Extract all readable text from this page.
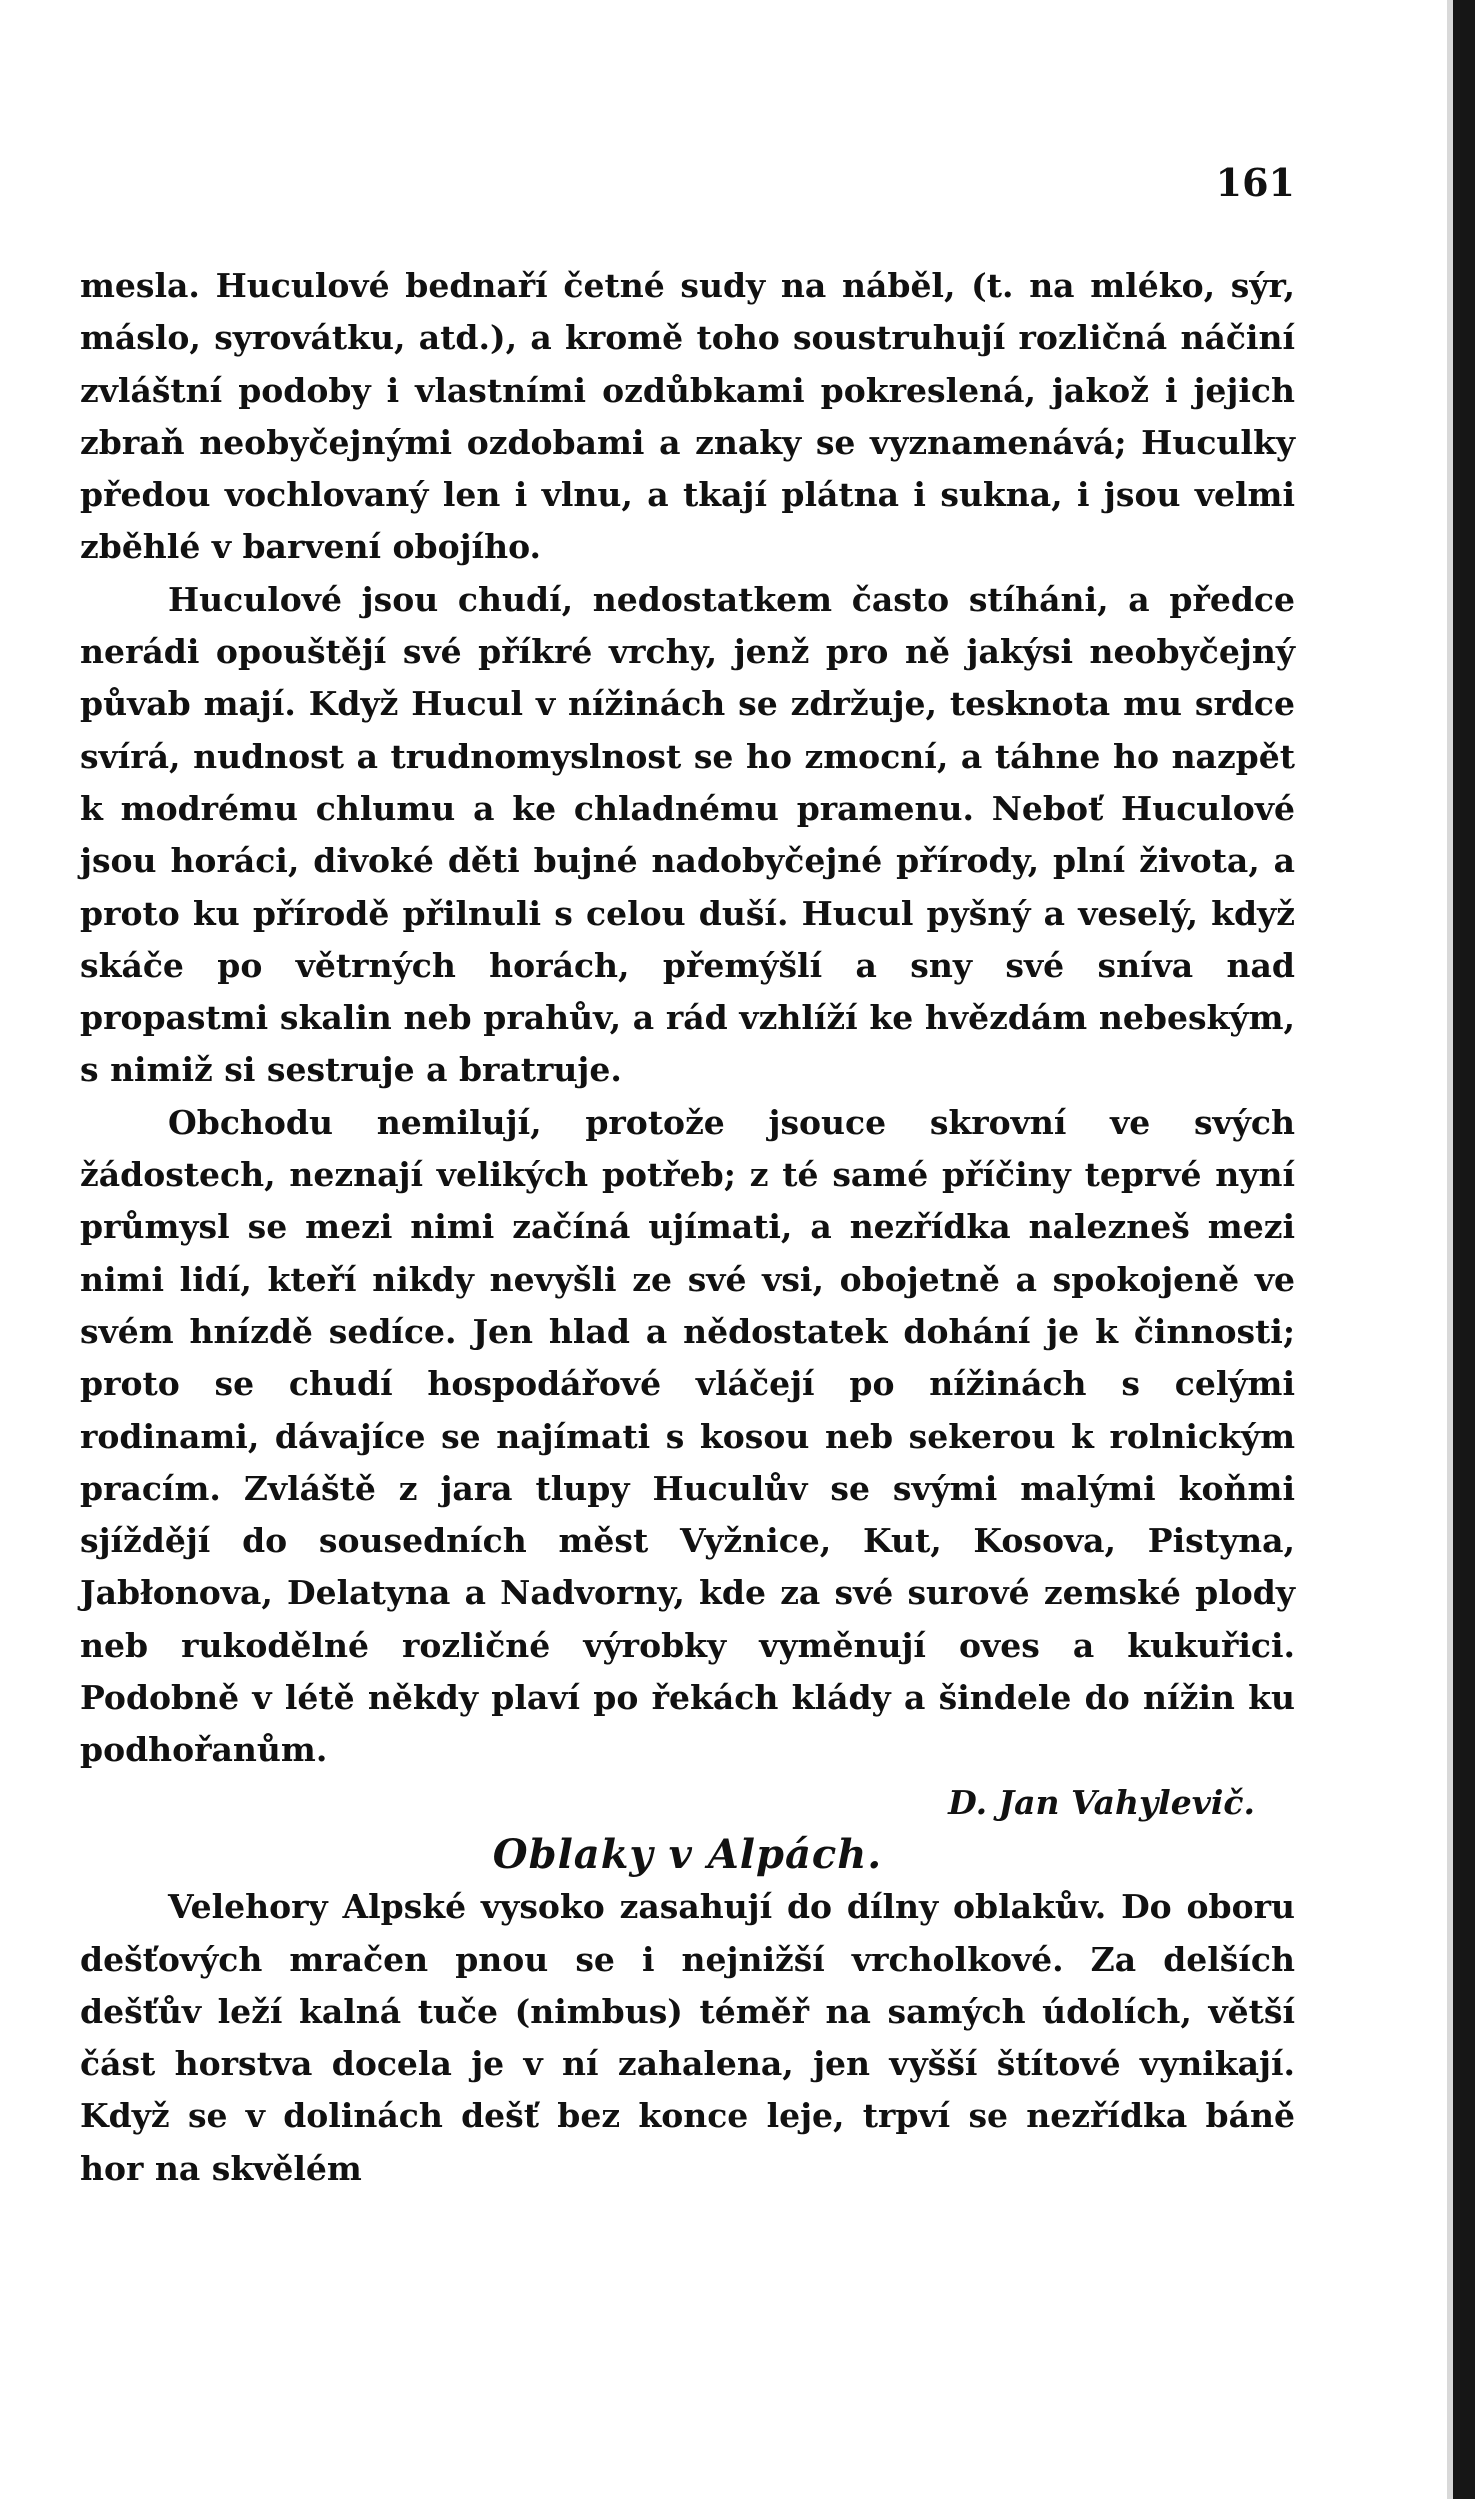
161

mesla. Huculové bednaří četné sudy na náběl, (t. na mléko, sýr, máslo, syrovátku, atd.), a kromě toho soustruhují rozličná náčiní zvláštní podoby i vlastními ozdůbkami pokreslená, jakož i jejich zbraň neobyčejnými ozdobami a znaky se vyznamenává; Huculky předou vochlovaný len i vlnu, a tkají plátna i sukna, i jsou velmi zběhlé v barvení obojího.

Huculové jsou chudí, nedostatkem často stíháni, a předce nerádi opouštějí své příkré vrchy, jenž pro ně jakýsi neobyčejný půvab mají. Když Hucul v nížinách se zdržuje, tesknota mu srdce svírá, nudnost a trudnomyslnost se ho zmocní, a táhne ho nazpět k modrému chlumu a ke chladnému pramenu. Neboť Huculové jsou horáci, divoké děti bujné nadobyčejné přírody, plní života, a proto ku přírodě přilnuli s celou duší. Hucul pyšný a veselý, když skáče po větrných horách, přemýšlí a sny své sníva nad propastmi skalin neb prahův, a rád vzhlíží ke hvězdám nebeským, s nimiž si sestruje a bratruje.

Obchodu nemilují, protože jsouce skrovní ve svých žádostech, neznají velikých potřeb; z té samé příčiny teprvé nyní průmysl se mezi nimi začíná ujímati, a nezřídka nalezneš mezi nimi lidí, kteří nikdy nevyšli ze své vsi, obojetně a spokojeně ve svém hnízdě sedíce. Jen hlad a nědostatek dohání je k činnosti; proto se chudí hospodářové vláčejí po nížinách s celými rodinami, dávajíce se najímati s kosou neb sekerou k rolnickým pracím. Zvláště z jara tlupy Huculův se svými malými koňmi sjíždějí do sousedních měst Vyžnice, Kut, Kosova, Pistyna, Jabłonova, Delatyna a Nadvorny, kde za své surové zemské plody neb rukodělné rozličné výrobky vyměnují oves a kukuřici. Podobně v létě někdy plaví po řekách klády a šindele do nížin ku podhořanům.

D. Jan Vahylevič.

Oblaky v Alpách.

Velehory Alpské vysoko zasahují do dílny oblakův. Do oboru dešťových mračen pnou se i nejnižší vrcholkové. Za delších dešťův leží kalná tuče (nimbus) téměř na samých údolích, větší část horstva docela je v ní zahalena, jen vyšší štítové vynikají. Když se v dolinách dešť bez konce leje, trpví se nezřídka báně hor na skvělém
